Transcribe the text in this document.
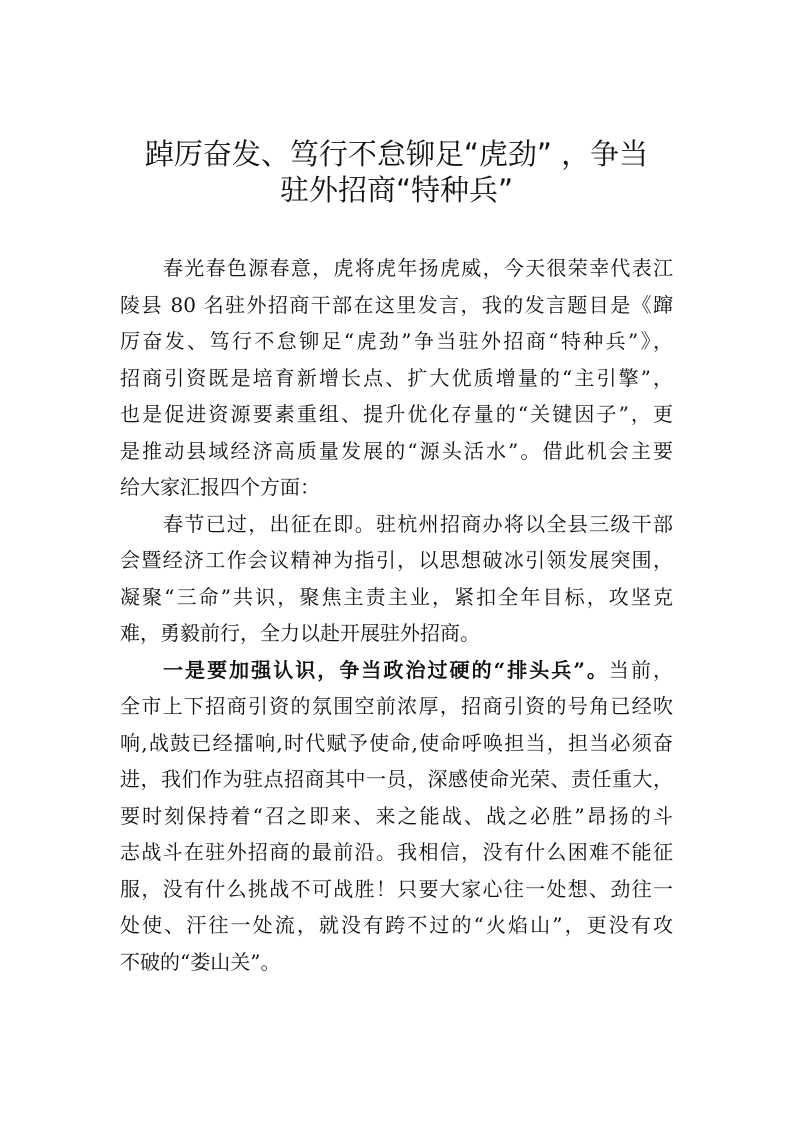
踔厉奋发、笃行不怠铆足“虎劲” ，争当
驻外招商“特种兵”
春光春色源春意，虎将虎年扬虎威，今天很荣幸代表江
陵县 80 名驻外招商干部在这里发言，我的发言题目是《蹿
厉奋发、笃行不怠铆足“虎劲”争当驻外招商“特种兵”》，
招商引资既是培育新增长点、扩大优质增量的“主引擎”，
也是促进资源要素重组、提升优化存量的“关键因子”，更
是推动县域经济高质量发展的“源头活水”。借此机会主要
给大家汇报四个方面：
春节已过，出征在即。驻杭州招商办将以全县三级干部
会暨经济工作会议精神为指引，以思想破冰引领发展突围，
凝聚“三命”共识，聚焦主责主业，紧扣全年目标，攻坚克
难，勇毅前行，全力以赴开展驻外招商。
一是要加强认识，争当政治过硬的“排头兵”。当前，
全市上下招商引资的氛围空前浓厚，招商引资的号角已经吹
响,战鼓已经擂响,时代赋予使命,使命呼唤担当，担当必须奋
进，我们作为驻点招商其中一员，深感使命光荣、责任重大，
要时刻保持着“召之即来、来之能战、战之必胜”昂扬的斗
志战斗在驻外招商的最前沿。我相信，没有什么困难不能征
服，没有什么挑战不可战胜！只要大家心往一处想、劲往一
处使、汗往一处流，就没有跨不过的“火焰山”，更没有攻
不破的“娄山关”。
